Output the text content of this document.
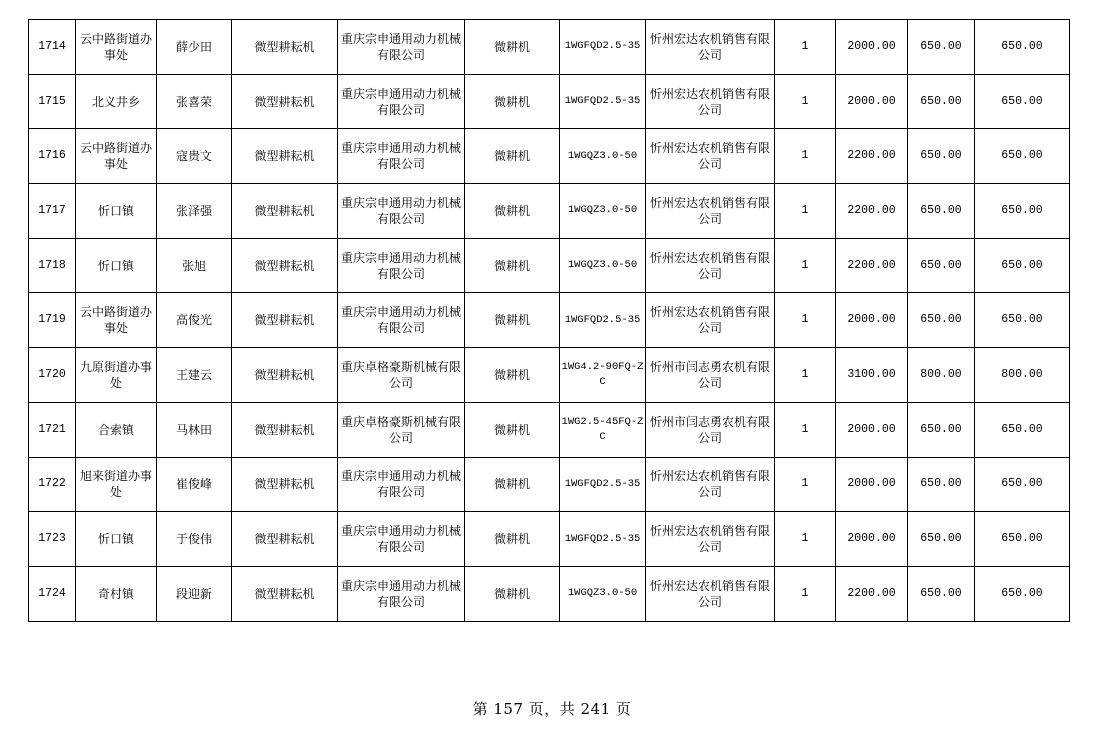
1714	云中路街道办事处	薛少田	微型耕耘机	重庆宗申通用动力机械有限公司	微耕机	1WGFQD2.5-35	忻州宏达农机销售有限公司	1	2000.00	650.00	650.00
1715	北义井乡	张喜荣	微型耕耘机	重庆宗申通用动力机械有限公司	微耕机	1WGFQD2.5-35	忻州宏达农机销售有限公司	1	2000.00	650.00	650.00
1716	云中路街道办事处	寇贵文	微型耕耘机	重庆宗申通用动力机械有限公司	微耕机	1WGQZ3.0-50	忻州宏达农机销售有限公司	1	2200.00	650.00	650.00
1717	忻口镇	张泽强	微型耕耘机	重庆宗申通用动力机械有限公司	微耕机	1WGQZ3.0-50	忻州宏达农机销售有限公司	1	2200.00	650.00	650.00
1718	忻口镇	张旭	微型耕耘机	重庆宗申通用动力机械有限公司	微耕机	1WGQZ3.0-50	忻州宏达农机销售有限公司	1	2200.00	650.00	650.00
1719	云中路街道办事处	高俊光	微型耕耘机	重庆宗申通用动力机械有限公司	微耕机	1WGFQD2.5-35	忻州宏达农机销售有限公司	1	2000.00	650.00	650.00
1720	九原街道办事处	王建云	微型耕耘机	重庆卓格豪斯机械有限公司	微耕机	1WG4.2-90FQ-ZC	忻州市闫志勇农机有限公司	1	3100.00	800.00	800.00
1721	合索镇	马林田	微型耕耘机	重庆卓格豪斯机械有限公司	微耕机	1WG2.5-45FQ-ZC	忻州市闫志勇农机有限公司	1	2000.00	650.00	650.00
1722	旭来街道办事处	崔俊峰	微型耕耘机	重庆宗申通用动力机械有限公司	微耕机	1WGFQD2.5-35	忻州宏达农机销售有限公司	1	2000.00	650.00	650.00
1723	忻口镇	于俊伟	微型耕耘机	重庆宗申通用动力机械有限公司	微耕机	1WGFQD2.5-35	忻州宏达农机销售有限公司	1	2000.00	650.00	650.00
1724	奇村镇	段迎新	微型耕耘机	重庆宗申通用动力机械有限公司	微耕机	1WGQZ3.0-50	忻州宏达农机销售有限公司	1	2200.00	650.00	650.00
第 157 页，共 241 页
